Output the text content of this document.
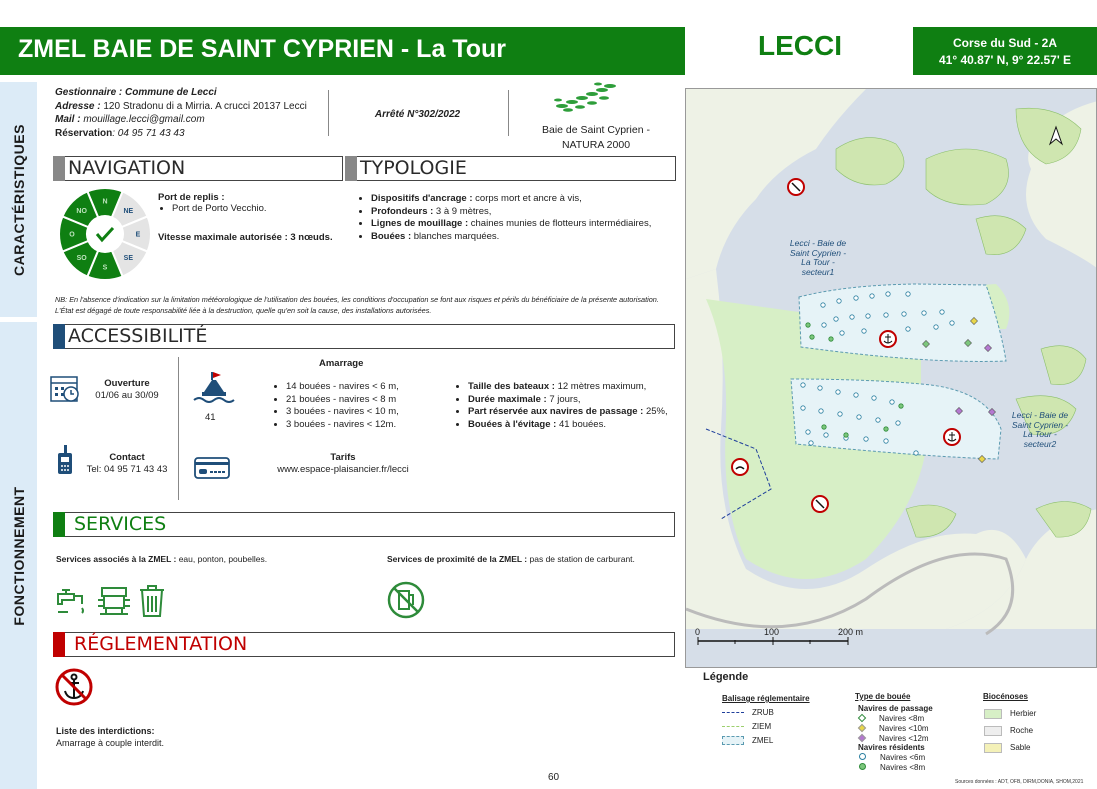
ZMEL BAIE DE SAINT CYPRIEN - La Tour	LECCI	Corse du Sud - 2A
41° 40.87' N, 9° 22.57' E
CARACTÉRISTIQUES
FONCTIONNEMENT
Gestionnaire : Commune de Lecci
Adresse : 120 Stradonu di a Mirria. A crucci 20137 Lecci
Mail : mouillage.lecci@gmail.com
Réservation: 04 95 71 43 43
Arrêté N°302/2022
Baie de Saint Cyprien - NATURA 2000
NAVIGATION	TYPOLOGIE
N
NE
E
SE
S
SO
O
NO
Port de replis :
• Port de Porto Vecchio.
Vitesse maximale autorisée : 3 nœuds.
• Dispositifs d'ancrage : corps mort et ancre à vis,
• Profondeurs : 3 à 9 mètres,
• Lignes de mouillage : chaines munies de flotteurs intermédiaires,
• Bouées : blanches marquées.
NB: En l'absence d'indication sur la limitation météorologique de l'utilisation des bouées, les conditions d'occupation se font aux risques et périls du bénéficiaire de la présente autorisation. L'État est dégagé de toute responsabilité liée à la destruction, quelle qu'en soit la cause, des installations autorisées.
ACCESSIBILITÉ
Ouverture
01/06 au 30/09
Contact
Tel: 04 95 71 43 43
Amarrage
41
• 14 bouées - navires < 6 m,
• 21 bouées - navires < 8 m
• 3 bouées - navires < 10 m,
• 3 bouées - navires < 12m.
• Taille des bateaux : 12 mètres maximum,
• Durée maximale : 7 jours,
• Part réservée aux navires de passage : 25%,
• Bouées à l'évitage : 41 bouées.
Tarifs
www.espace-plaisancier.fr/lecci
SERVICES
Services associés à la ZMEL : eau, ponton, poubelles.	Services de proximité de la ZMEL : pas de station de carburant.
RÉGLEMENTATION
Liste des interdictions:
Amarrage à couple interdit.
60
Lecci - Baie de Saint Cyprien - La Tour -secteur1
Lecci - Baie de Saint Cyprien - La Tour - secteur2
0	100	200 m
Légende
Balisage réglementaire
ZRUB
ZIEM
ZMEL
Type de bouée
Navires de passage
Navires <8m
Navires <10m
Navires <12m
Navires résidents
Navires <6m
Navires <8m
Biocénoses
Herbier
Roche
Sable
Sources données : ADT, OFB, DIRM,DONIA, SHOM,2021
